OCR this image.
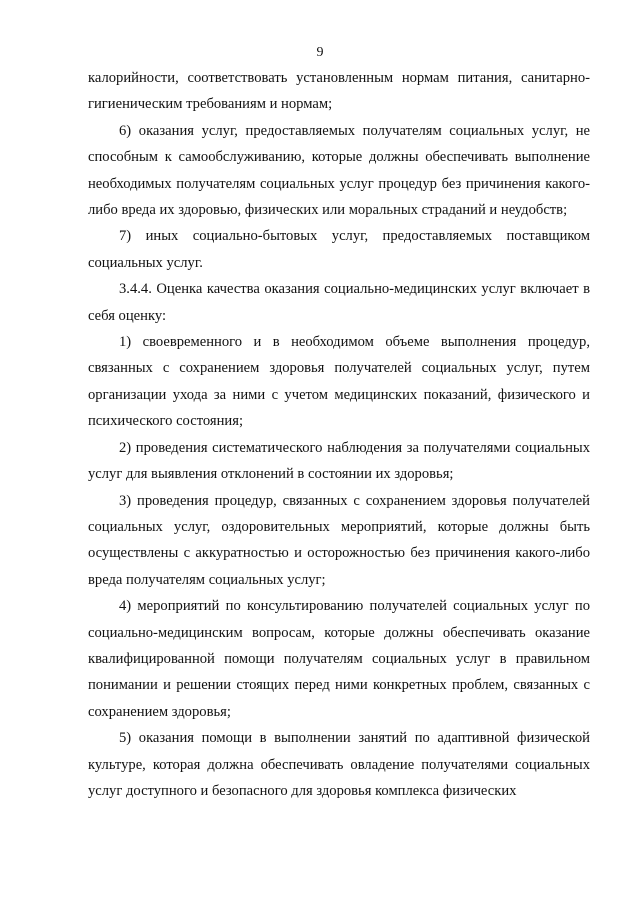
9

калорийности, соответствовать установленным нормам питания, санитарно-гигиеническим требованиям и нормам;

6) оказания услуг, предоставляемых получателям социальных услуг, не способным к самообслуживанию, которые должны обеспечивать выполнение необходимых получателям социальных услуг процедур без причинения какого-либо вреда их здоровью, физических или моральных страданий и неудобств;

7) иных социально-бытовых услуг, предоставляемых поставщиком социальных услуг.

3.4.4. Оценка качества оказания социально-медицинских услуг включает в себя оценку:

1) своевременного и в необходимом объеме выполнения процедур, связанных с сохранением здоровья получателей социальных услуг, путем организации ухода за ними с учетом медицинских показаний, физического и психического состояния;

2) проведения систематического наблюдения за получателями социальных услуг для выявления отклонений в состоянии их здоровья;

3) проведения процедур, связанных с сохранением здоровья получателей социальных услуг, оздоровительных мероприятий, которые должны быть осуществлены с аккуратностью и осторожностью без причинения какого-либо вреда получателям социальных услуг;

4) мероприятий по консультированию получателей социальных услуг по социально-медицинским вопросам, которые должны обеспечивать оказание квалифицированной помощи получателям социальных услуг в правильном понимании и решении стоящих перед ними конкретных проблем, связанных с сохранением здоровья;

5) оказания помощи в выполнении занятий по адаптивной физической культуре, которая должна обеспечивать овладение получателями социальных услуг доступного и безопасного для здоровья комплекса физических
